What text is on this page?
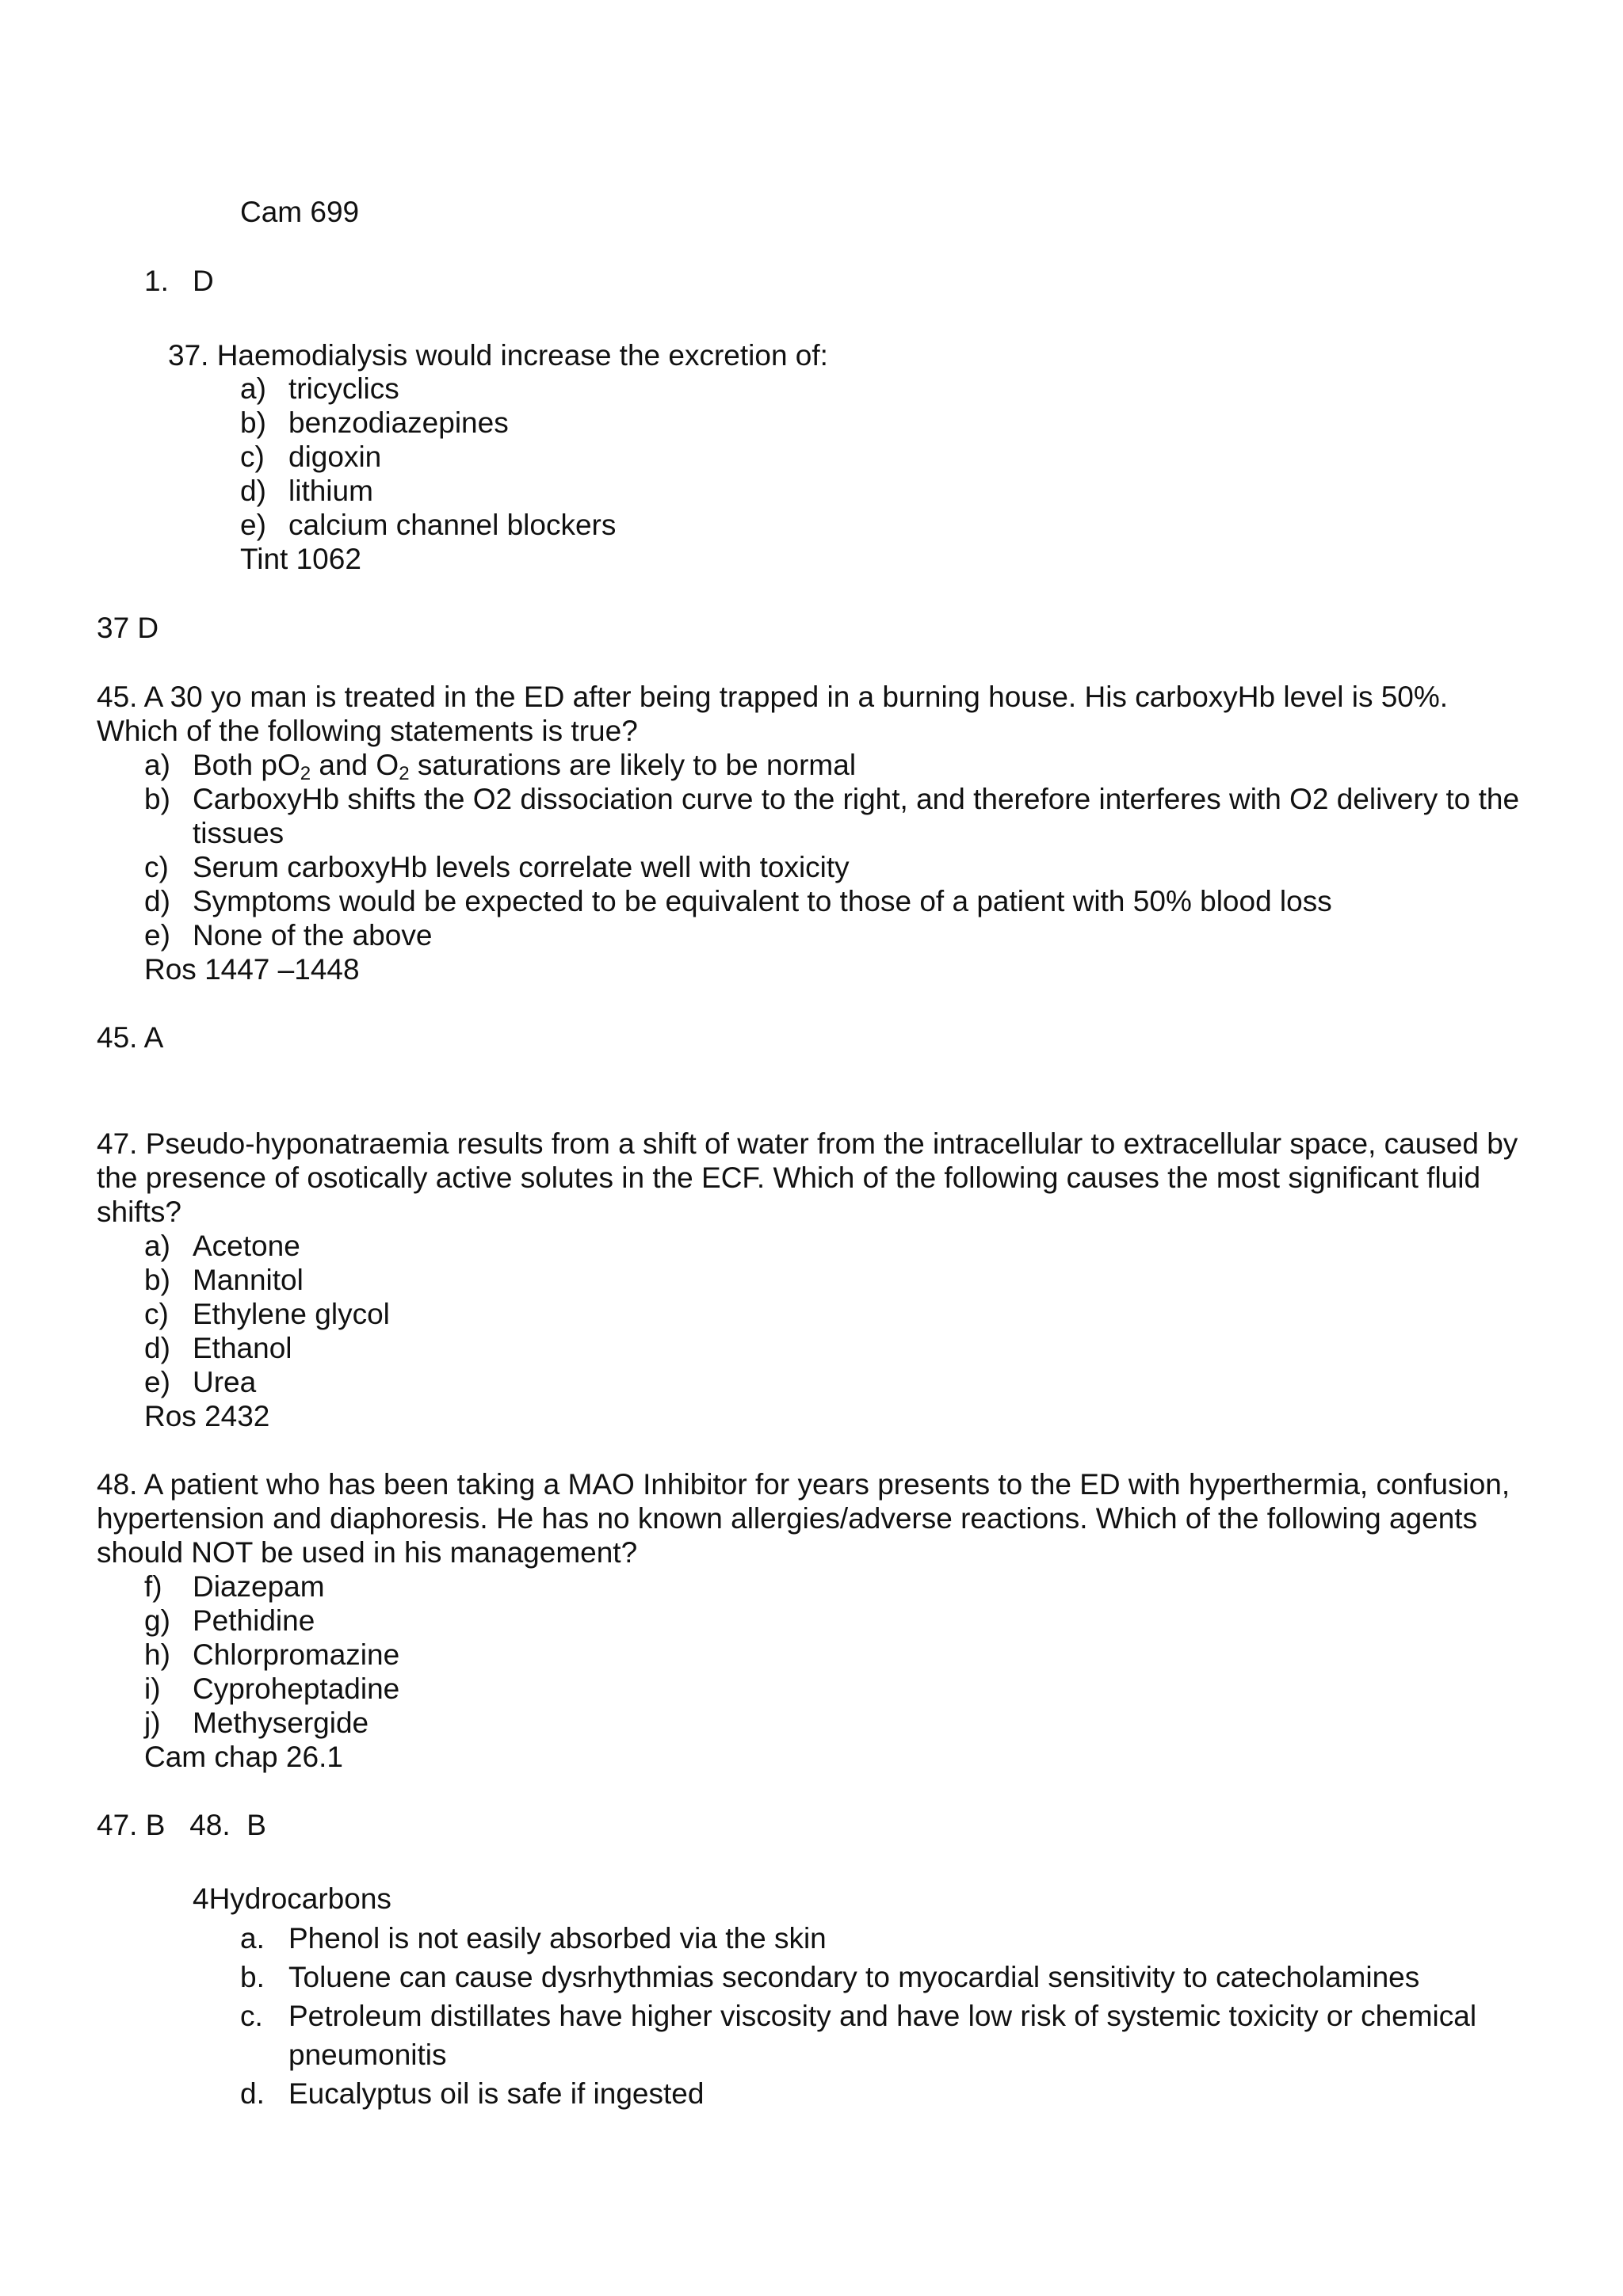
Cam 699
1. D
37. Haemodialysis would increase the excretion of:
a) tricyclics
b) benzodiazepines
c) digoxin
d) lithium
e) calcium channel blockers
Tint 1062
37 D
45. A 30 yo man is treated in the ED after being trapped in a burning house. His carboxyHb level is 50%.
Which of the following statements is true?
a) Both $pO_2$ and $O_2$ saturations are likely to be normal
b) CarboxyHb shifts the O2 dissociation curve to the right, and therefore interferes with O2 delivery to the
tissues
c) Serum carboxyHb levels correlate well with toxicity
d) Symptoms would be expected to be equivalent to those of a patient with 50% blood loss
e) None of the above
Ros 1447 –1448
45. A
47. Pseudo-hyponatraemia results from a shift of water from the intracellular to extracellular space, caused by
the presence of osotically active solutes in the ECF. Which of the following causes the most significant fluid
shifts?
a) Acetone
b) Mannitol
c) Ethylene glycol
d) Ethanol
e) Urea
Ros 2432
48. A patient who has been taking a MAO Inhibitor for years presents to the ED with hyperthermia, confusion,
hypertension and diaphoresis. He has no known allergies/adverse reactions. Which of the following agents
should NOT be used in his management?
f) Diazepam
g) Pethidine
h) Chlorpromazine
i) Cyproheptadine
j) Methysergide
Cam chap 26.1
47. B   48.  B
4Hydrocarbons
a. Phenol is not easily absorbed via the skin
b. Toluene can cause dysrhythmias secondary to myocardial sensitivity to catecholamines
c. Petroleum distillates have higher viscosity and have low risk of systemic toxicity or chemical
pneumonitis
d. Eucalyptus oil is safe if ingested
